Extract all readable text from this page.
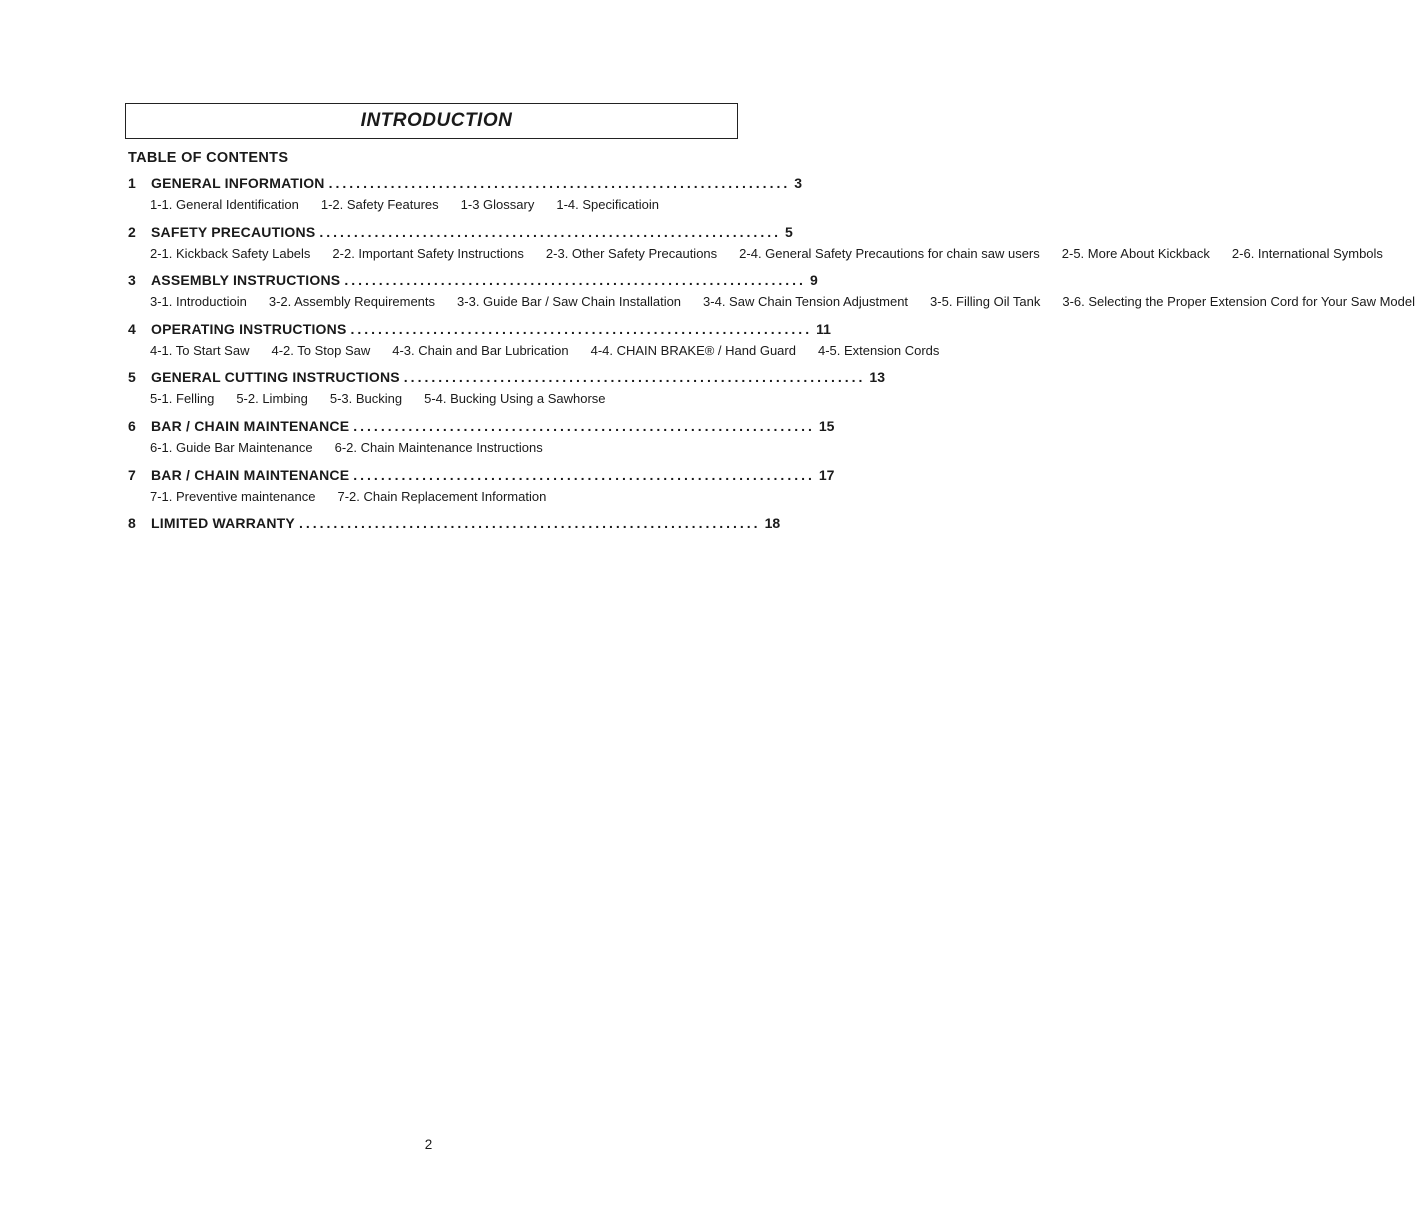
INTRODUCTION
TABLE OF CONTENTS
1	GENERAL INFORMATION ................................................................... 3
1-1. General Identification 1-2. Safety Features 1-3 Glossary 1-4. Specificatioin
2	SAFETY PRECAUTIONS ................................................................... 5
2-1. Kickback Safety Labels 2-2. Important Safety Instructions 2-3. Other Safety Precautions 2-4. General Safety Precautions for chain saw users 2-5. More About Kickback 2-6. International Symbols
3	ASSEMBLY INSTRUCTIONS ................................................................... 9
3-1. Introductioin 3-2. Assembly Requirements 3-3. Guide Bar / Saw Chain Installation 3-4. Saw Chain Tension Adjustment 3-5. Filling Oil Tank 3-6. Selecting the Proper Extension Cord for Your Saw Model
4	OPERATING INSTRUCTIONS ................................................................... 11
4-1. To Start Saw 4-2. To Stop Saw 4-3. Chain and Bar Lubrication 4-4. CHAIN BRAKE® / Hand Guard 4-5. Extension Cords
5	GENERAL CUTTING INSTRUCTIONS ................................................................... 13
5-1. Felling 5-2. Limbing 5-3. Bucking 5-4. Bucking Using a Sawhorse
6	BAR / CHAIN MAINTENANCE ................................................................... 15
6-1. Guide Bar Maintenance 6-2. Chain Maintenance Instructions
7	BAR / CHAIN MAINTENANCE ................................................................... 17
7-1. Preventive maintenance 7-2. Chain Replacement Information
8	LIMITED WARRANTY ................................................................... 18
2
